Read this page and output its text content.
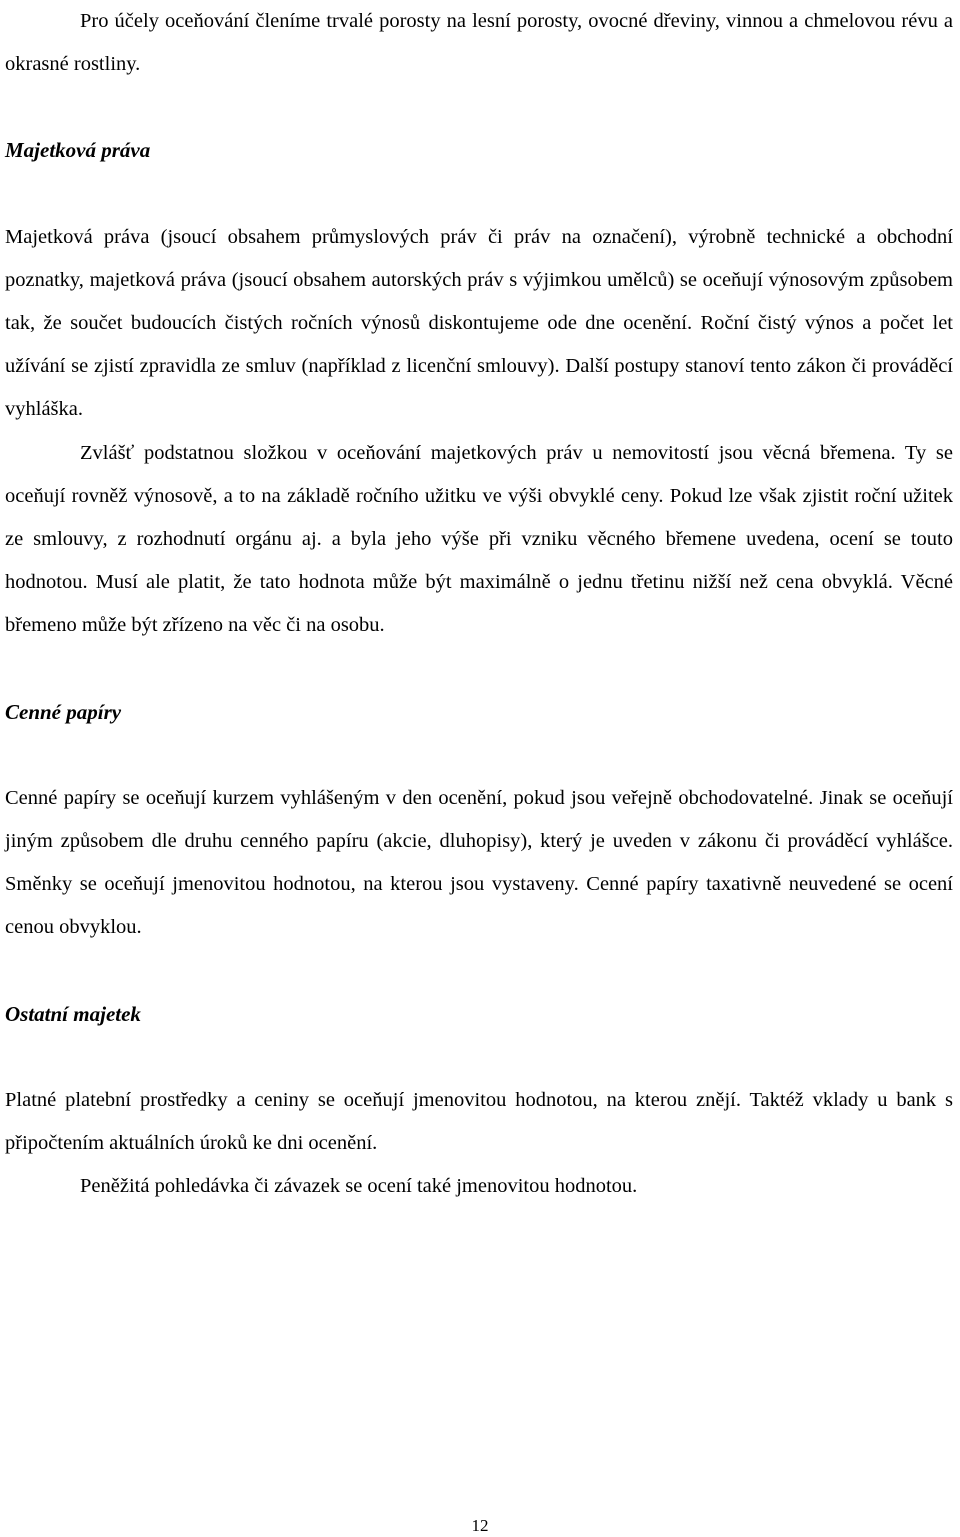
Pro účely oceňování členíme trvalé porosty na lesní porosty, ovocné dřeviny, vinnou a chmelovou révu a okrasné rostliny.

Majetková práva

Majetková práva (jsoucí obsahem průmyslových práv či práv na označení), výrobně technické a obchodní poznatky, majetková práva (jsoucí obsahem autorských práv s výjimkou umělců) se oceňují výnosovým způsobem tak, že součet budoucích čistých ročních výnosů diskontujeme ode dne ocenění. Roční čistý výnos a počet let užívání se zjistí zpravidla ze smluv (například z licenční smlouvy). Další postupy stanoví tento zákon či prováděcí vyhláška.

Zvlášť podstatnou složkou v oceňování majetkových práv u nemovitostí jsou věcná břemena. Ty se oceňují rovněž výnosově, a to na základě ročního užitku ve výši obvyklé ceny. Pokud lze však zjistit roční užitek ze smlouvy, z rozhodnutí orgánu aj. a byla jeho výše při vzniku věcného břemene uvedena, ocení se touto hodnotou. Musí ale platit, že tato hodnota může být maximálně o jednu třetinu nižší než cena obvyklá. Věcné břemeno může být zřízeno na věc či na osobu.

Cenné papíry

Cenné papíry se oceňují kurzem vyhlášeným v den ocenění, pokud jsou veřejně obchodovatelné. Jinak se oceňují jiným způsobem dle druhu cenného papíru (akcie, dluhopisy), který je uveden v zákonu či prováděcí vyhlášce. Směnky se oceňují jmenovitou hodnotou, na kterou jsou vystaveny. Cenné papíry taxativně neuvedené se ocení cenou obvyklou.

Ostatní majetek

Platné platební prostředky a ceniny se oceňují jmenovitou hodnotou, na kterou znějí. Taktéž vklady u bank s připočtením aktuálních úroků ke dni ocenění.

Peněžitá pohledávka či závazek se ocení také jmenovitou hodnotou.

12
